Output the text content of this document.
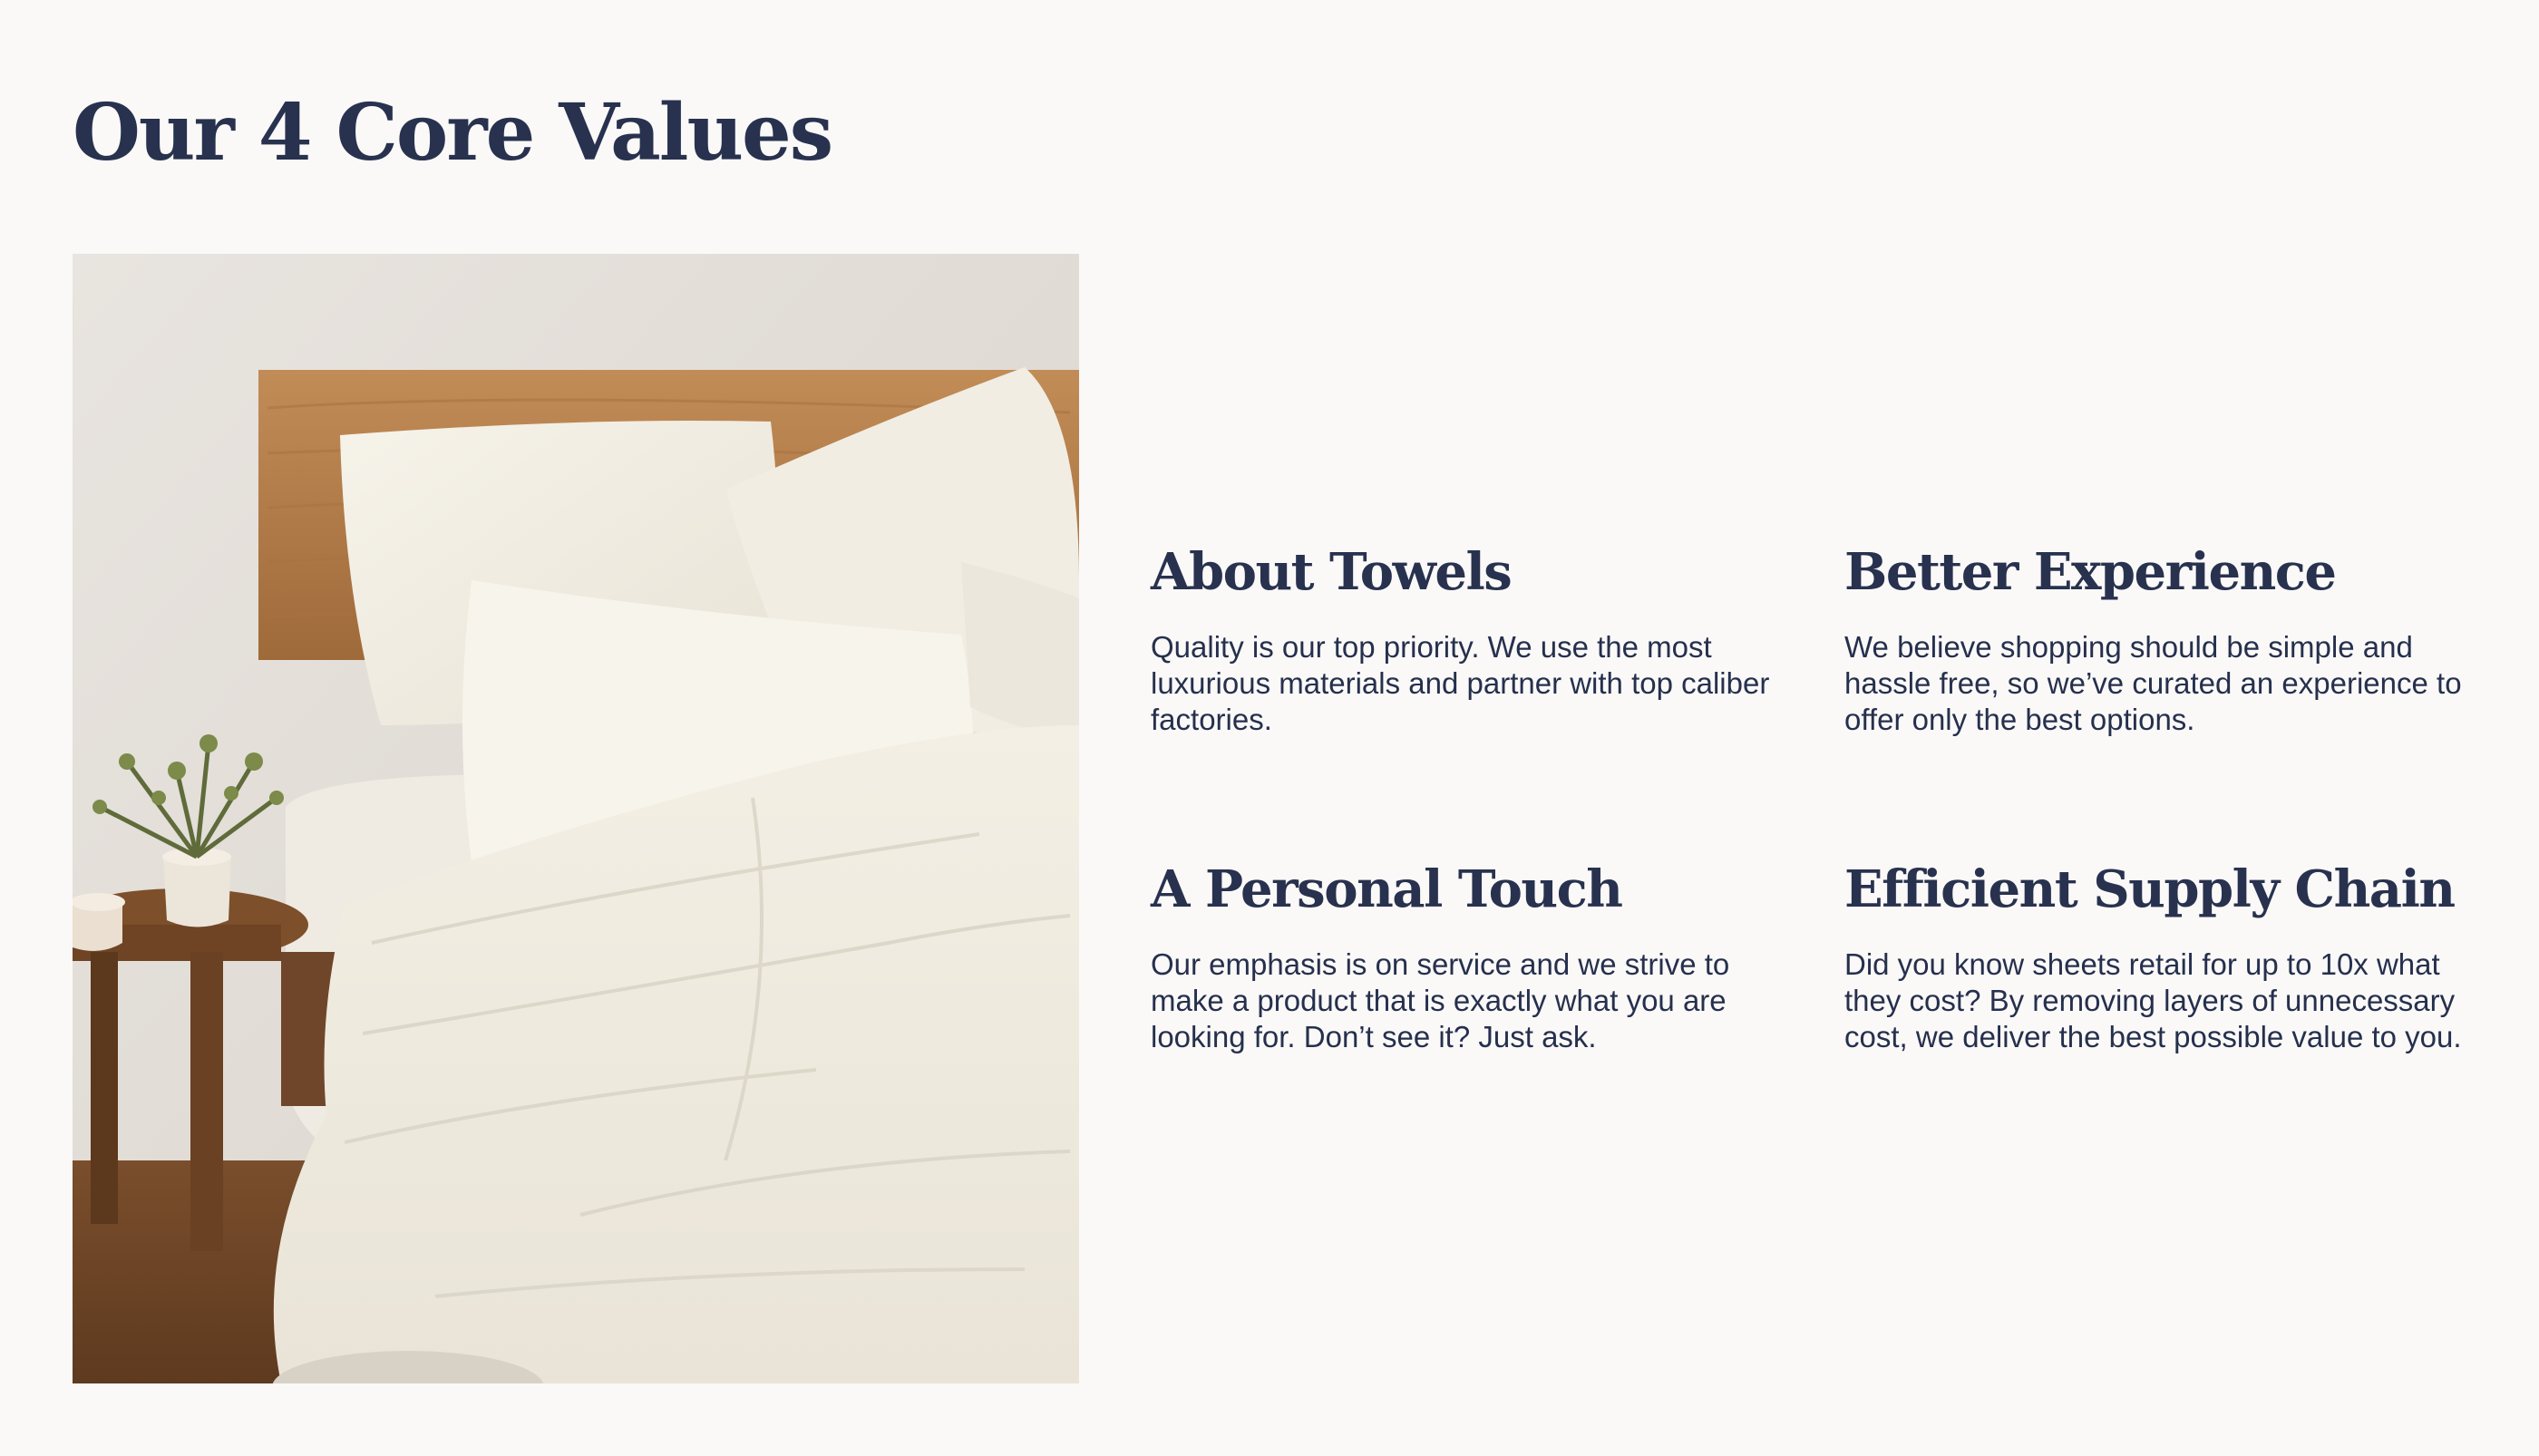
Our 4 Core Values
About Towels

Quality is our top priority. We use the most luxurious materials and partner with top caliber factories.

Better Experience

We believe shopping should be simple and hassle free, so we’ve curated an experience to offer only the best options.

A Personal Touch

Our emphasis is on service and we strive to make a product that is exactly what you are looking for. Don’t see it? Just ask.

Efficient Supply Chain

Did you know sheets retail for up to 10x what they cost? By removing layers of unnecessary cost, we deliver the best possible value to you.
